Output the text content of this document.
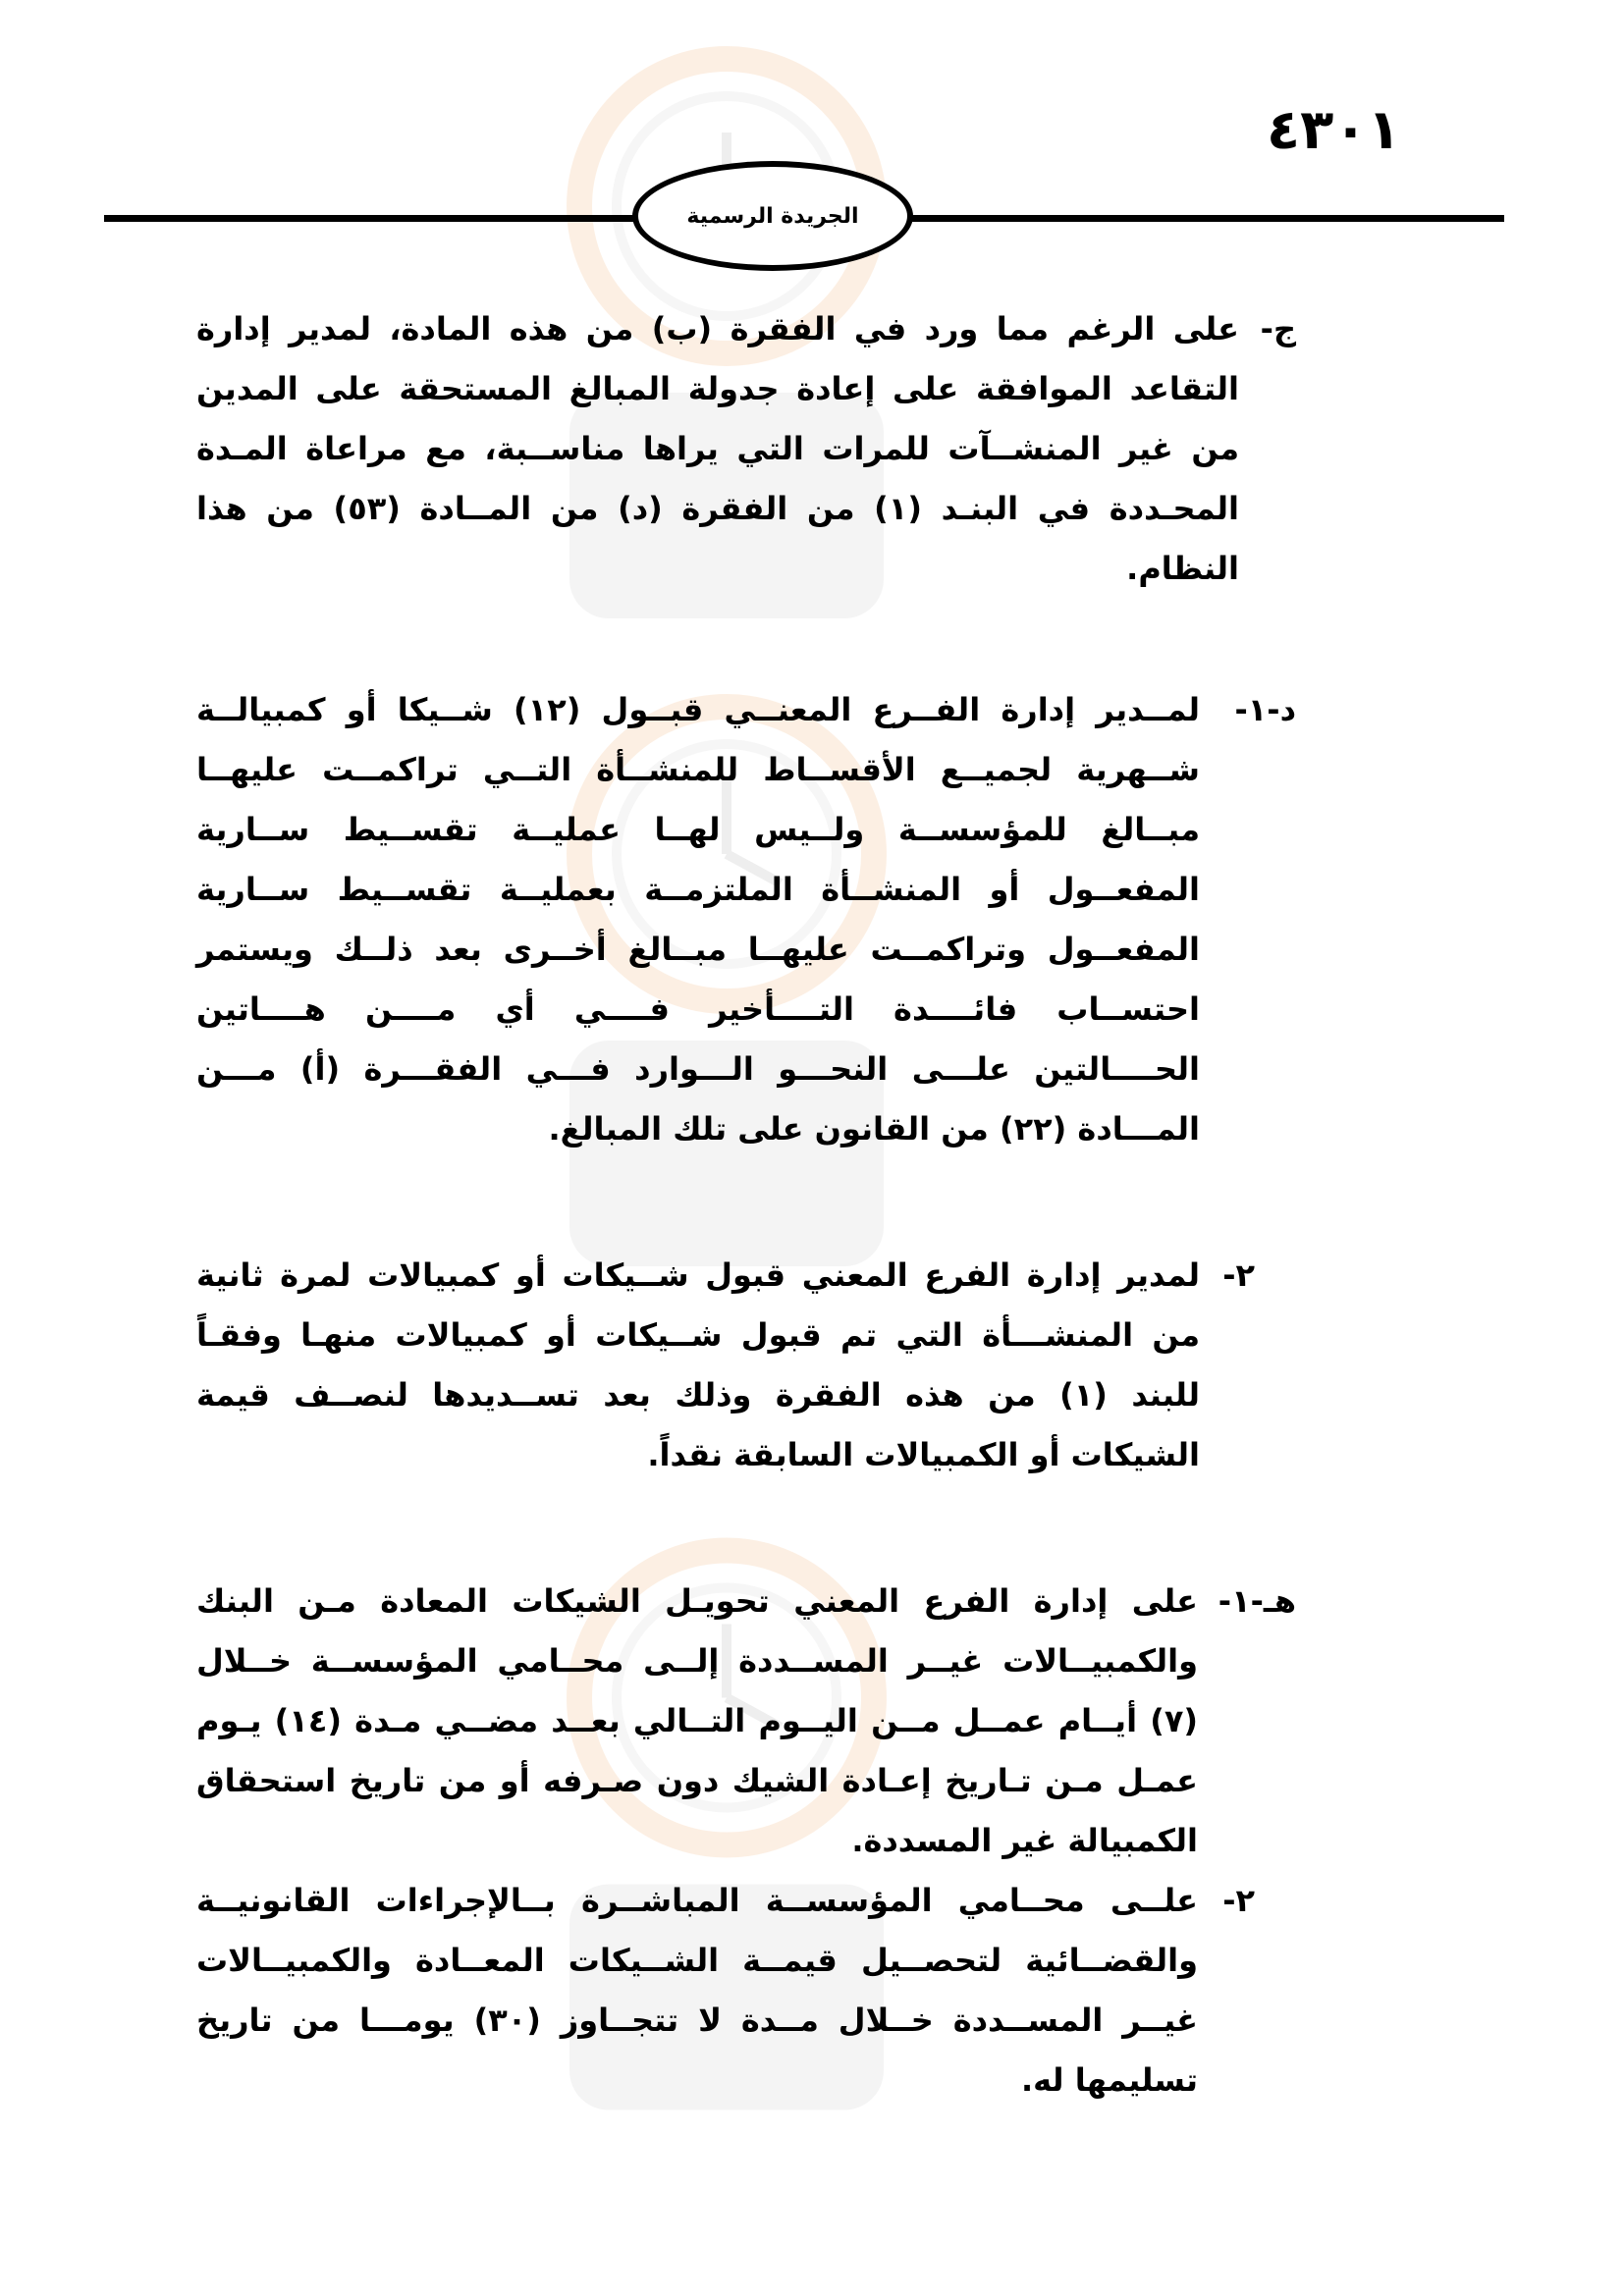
٤٣٠١
الجريدة الرسمية
ج-
على الرغم مما ورد في الفقرة (ب) من هذه المادة، لمدير إدارة التقاعد الموافقة على إعادة جدولة المبالغ المستحقة على المدين من غير المنشــآت للمرات التي يراها مناســبة، مع مراعاة المـدة المحـددة في البنـد (١) من الفقرة (د) من المــادة (٥٣) من هذا النظام.
د-١-
لمــدير إدارة الفــرع المعنــي قبــول (١٢) شــيكا أو كمبيالــة شــهرية لجميــع الأقســاط للمنشــأة التــي تراكمــت عليهــا مبــالغ للمؤسســة ولــيس لهــا عمليــة تقســيط ســارية المفعــول أو المنشــأة الملتزمــة بعمليــة تقســيط ســارية المفعــول وتراكمــت عليهــا مبــالغ أخــرى بعد ذلــك ويستمر احتســاب فائــــدة التــــأخير فــــي أي مــــن هــــاتين الحــــالتين علـــى النحـــو الـــوارد فـــي الفقـــرة (أ) مـــن المـــادة (٢٢) من القانون على تلك المبالغ.
٢-
لمدير إدارة الفرع المعني قبول شــيكات أو كمبيالات لمرة ثانية من المنشـــأة التي تم قبول شــيكات أو كمبيالات منهـا وفقـاً للبند (١) من هذه الفقرة وذلك بعد تســديدها لنصــف قيمة الشيكات أو الكمبيالات السابقة نقداً.
هـ-١-
على إدارة الفرع المعني تحويـل الشيكات المعادة مـن البنك والكمبيــالات غيــر المســددة إلــى محــامي المؤسســة خــلال (٧) أيــام عمــل مــن اليــوم التــالي بعــد مضــي مـدة (١٤) يـوم عمـل مـن تـاريخ إعـادة الشيك دون صـرفه أو من تاريخ استحقاق الكمبيالة غير المسددة.
٢-
علــى محــامي المؤسســة المباشــرة بــالإجراءات القانونيــة والقضــائية لتحصــيل قيمــة الشــيكات المعــادة والكمبيــالات غيــر المســددة خــلال مــدة لا تتجــاوز (٣٠) يومـــا من تاريخ تسليمها له.
